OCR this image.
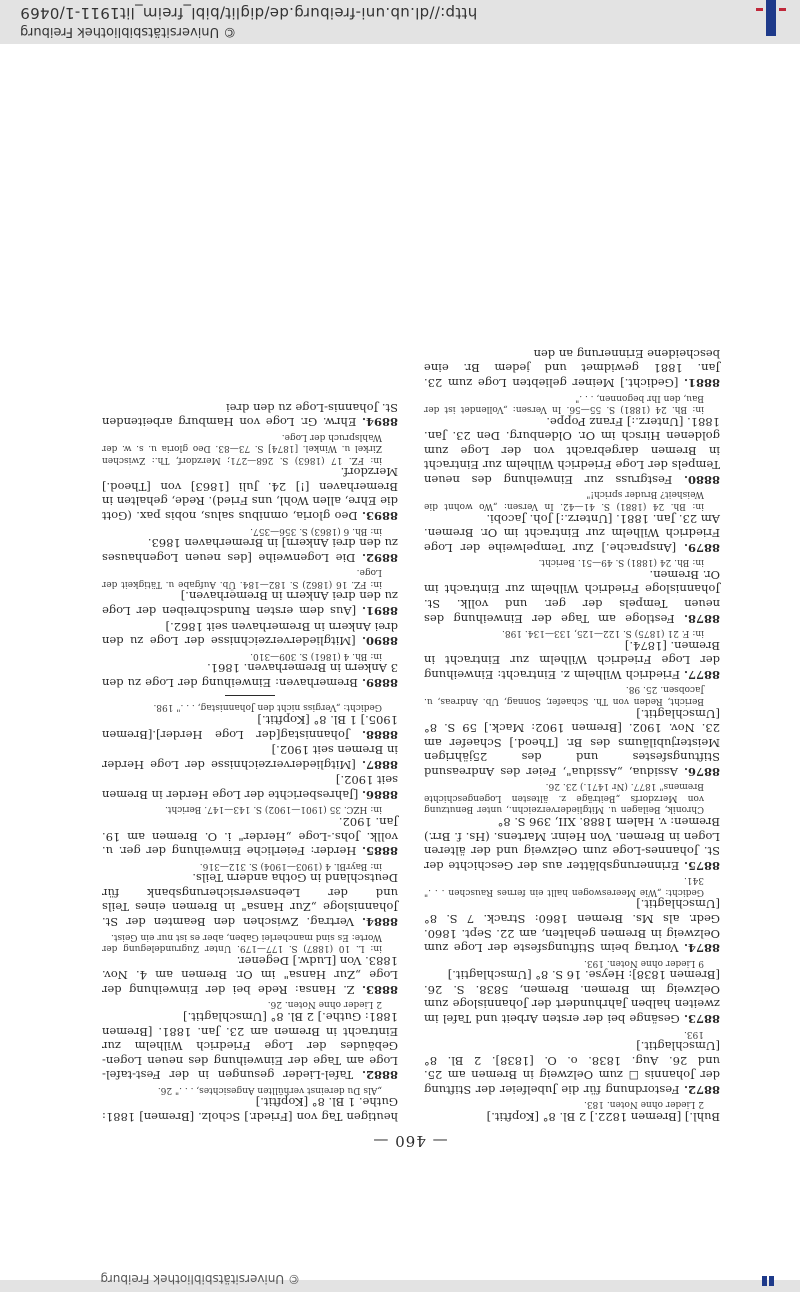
© Universitätsbibliothek Freiburg
http://dl.ub.uni-freiburg.de/diglit/bibl_freim_lit1911-1/0469
© Universitätsbibliothek Freiburg
— 460 —
Buhl.] [Bremen 1822.] 2 Bl. 8° [Kopftit.]
2 Lieder ohne Noten. 183.
8872. Festordnung für die Jubelfeier der Stiftung der Johannis ☐ zum Oelzweig in Bremen am 25. und 26. Aug. 1838. o. O. [1838]. 2 Bl. 8° [Umschlagtit.]
193.
8873. Gesänge bei der ersten Arbeit und Tafel im zweiten halben Jahrhundert der Johannisloge zum Oelzweig im Bremen. Bremen, 5838. S. 26. [Bremen 1838]: Heyse. 16 S. 8° [Umschlagtit.]
9 Lieder ohne Noten. 193.
8874. Vortrag beim Stiftungsfeste der Loge zum Oelzweig in Bremen gehalten, am 22. Sept. 1860. Gedr. als Ms. Bremen 1860: Strack. 7 S. 8° [Umschlagtit.]
Gedicht: „Wie Meereswogen hallt ein fernes Rauschen . . ." 341.
8875. Erinnerungsblätter aus der Geschichte der St. Johannes-Loge zum Oelzweig und der älteren Logen in Bremen. Von Heinr. Martens. (Hs. f. Brr.) Bremen: v. Halem 1888. XII, 396 S. 8°
Chronik, Beilagen u. Mitgliederverzeichn., unter Benutzung von Merzdorfs „Beiträge z. ältesten Logengeschichte Bremens" 1877. (Nr 1471.) 23. 26.
8876. Assidua, „Assidua", Feier des Andreasund Stiftungsfestes und des 25jährigen Meisterjubiläums des Br. [Theod.] Schaefer am 23. Nov. 1902. [Bremen 1902: Mack.] 59 S. 8° [Umschlagtit.]
Bericht, Reden von Th. Schaefer, Sonnag, Ub. Andreas, u. Jacobsen. 25. 98.
8877. Friedrich Wilhelm z. Eintracht: Einweihung der Loge Friedrich Wilhelm zur Eintracht in Bremen. [1874.]
in: F. 21 (1875) S. 122—125, 133—134. 198.
8878. Festloge am Tage der Einweihung des neuen Tempels der ger. und vollk. St. Johannisloge Friedrich Wilhelm zur Eintracht im Or. Bremen.
in: Bh. 24 (1881) S. 49—51. Bericht.
8879. [Ansprache.] Zur Tempelweihe der Loge Friedrich Wilhelm zur Eintracht im Or. Bremen. Am 23. Jan. 1881. [Unterz.:] Joh. Jacobi.
in: Bh. 24 (1881) S. 41—42. In Versen: „Wo wohnt die Weisheit? Bruder sprich!"
8880. Festgruss zur Einweihung des neuen Tempels der Loge Friedrich Wilhelm zur Eintracht in Bremen dargebracht von der Loge zum goldenen Hirsch im Or. Oldenburg. Den 23. Jan. 1881. [Unterz.:] Franz Poppe.
in: Bh. 24 (1881) S. 55—56. In Versen: „Vollendet ist der Bau, den Ihr begonnen, . . ."
8881. [Gedicht.] Meiner geliebten Loge zum 23. Jan. 1881 gewidmet und jedem Br. eine bescheidene Erinnerung an den
heutigen Tag von [Friedr.] Scholz. [Bremen] 1881: Guthe. 1 Bl. 8° [Kopftit.]
„Als Du dereinst verhüllten Angesichtes, . . ." 26.
8882. Tafel-Lieder gesungen in der Fest-tafel-Loge am Tage der Einweihung des neuen Logen-Gebäudes der Loge Friedrich Wilhelm zur Eintracht in Bremen am 23. Jan. 1881. [Bremen 1881: Guthe.] 2 Bl. 8° [Umschlagtit.]
2 Lieder ohne Noten. 26.
8883. Z. Hansa: Rede bei der Einweihung der Loge „Zur Hansa" im Or. Bremen am 4. Nov. 1883. Von [Ludw.] Degener.
in: L. 10 (1887) S. 177—179. Unter Zugrundelegung der Worte: Es sind mancherlei Gaben, aber es ist nur ein Geist.
8884. Vertrag. Zwischen den Beamten der St. Johannisloge „Zur Hansa" in Bremen eines Teils und der Lebensversicherungsbank für Deutschland in Gotha andern Teils.
in: BayrBl. 4 (1903—1904) S. 312—316.
8885. Herder: Feierliche Einweihung der ger. u. vollk. Johs.-Loge „Herder" i. O. Bremen am 19. Jan. 1902.
in: HZC. 35 (1901—1902) S. 143—147. Bericht.
8886. [Jahresberichte der Loge Herder in Bremen seit 1902.]
8887. [Mitgliederverzeichnisse der Loge Herder in Bremen seit 1902.]
8888. Johannistag[der Loge Herder].[Bremen 1905.] 1 Bl. 8° [Kopftit.]
Gedicht: „Vergiss nicht den Johannistag, . . ." 198.
8889. Bremerhaven: Einweihung der Loge zu den 3 Ankern in Bremerhaven. 1861.
in: Bh. 4 (1861) S. 309—310.
8890. [Mitgliederverzeichnisse der Loge zu den drei Ankern in Bremerhaven seit 1862.]
8891. [Aus dem ersten Rundschreiben der Loge zu den drei Ankern in Bremerhaven.]
in: FZ. 16 (1862) S. 182—184. Üb. Aufgabe u. Tätigkeit der Loge.
8892. Die Logenweihe [des neuen Logenhauses zu den drei Ankern] in Bremerhaven 1863.
in: Bh. 6 (1863) S. 356—357.
8893. Deo gloria, omnibus salus, nobis pax. (Gott die Ehre, allen Wohl, uns Fried). Rede, gehalten in Bremerhaven [!] 24. Juli [1863] von [Theod.] Merzdorf.
in: FZ. 17 (1863) S. 268—271; Merzdorf, Th.: Zwischen Zirkel u. Winkel. [1874] S. 73—83. Deo gloria u. s. w. der Wahlspruch der Loge.
8894. Ehrw. Gr. Loge von Hamburg arbeitenden St. Johannis-Loge zu den drei
